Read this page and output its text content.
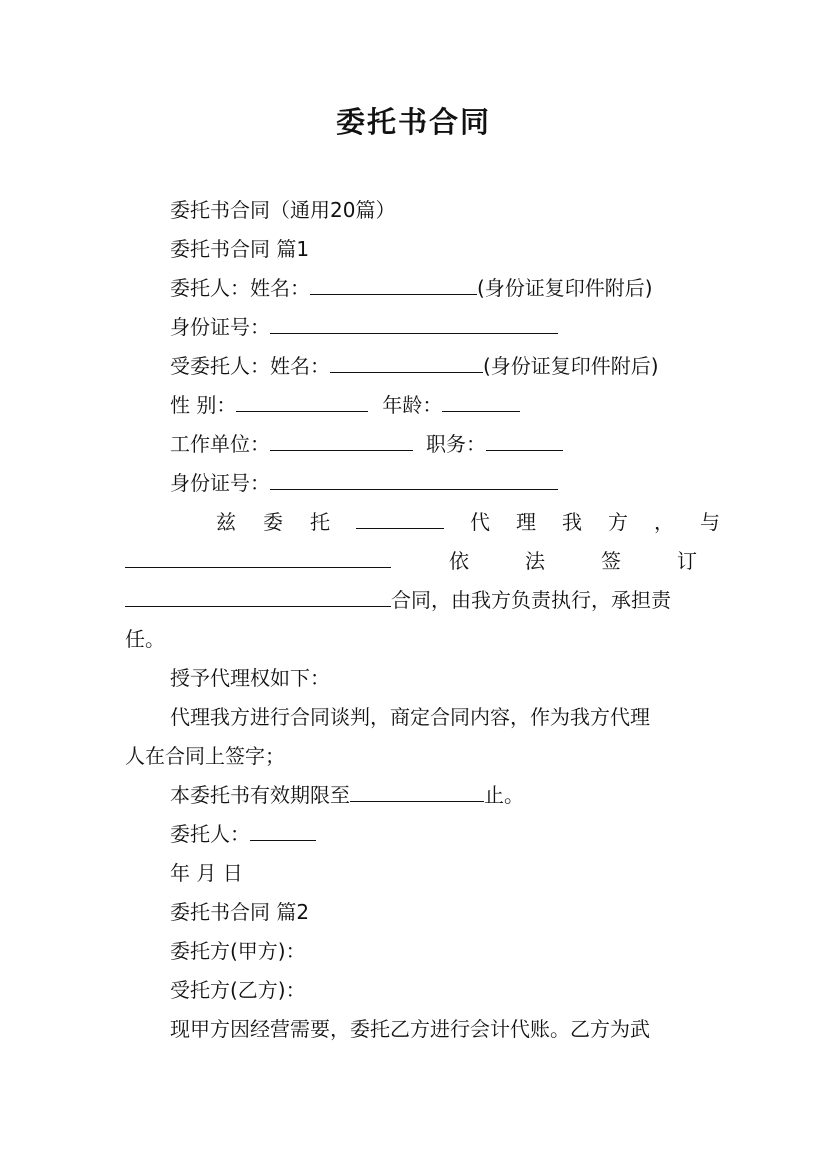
委托书合同
委托书合同（通用20篇）
委托书合同 篇1
委托人：姓名：	(身份证复印件附后)
身份证号：
受委托人：姓名：	(身份证复印件附后)
性 别：	年龄：
工作单位：	职务：
身份证号：
兹 委 托	代 理 我 方 ， 与
依	法	签	订
合同，由我方负责执行，承担责
任。
授予代理权如下：
代理我方进行合同谈判，商定合同内容，作为我方代理
人在合同上签字；
本委托书有效期限至	止。
委托人：
年 月 日
委托书合同 篇2
委托方(甲方)：
受托方(乙方)：
现甲方因经营需要，委托乙方进行会计代账。乙方为武
